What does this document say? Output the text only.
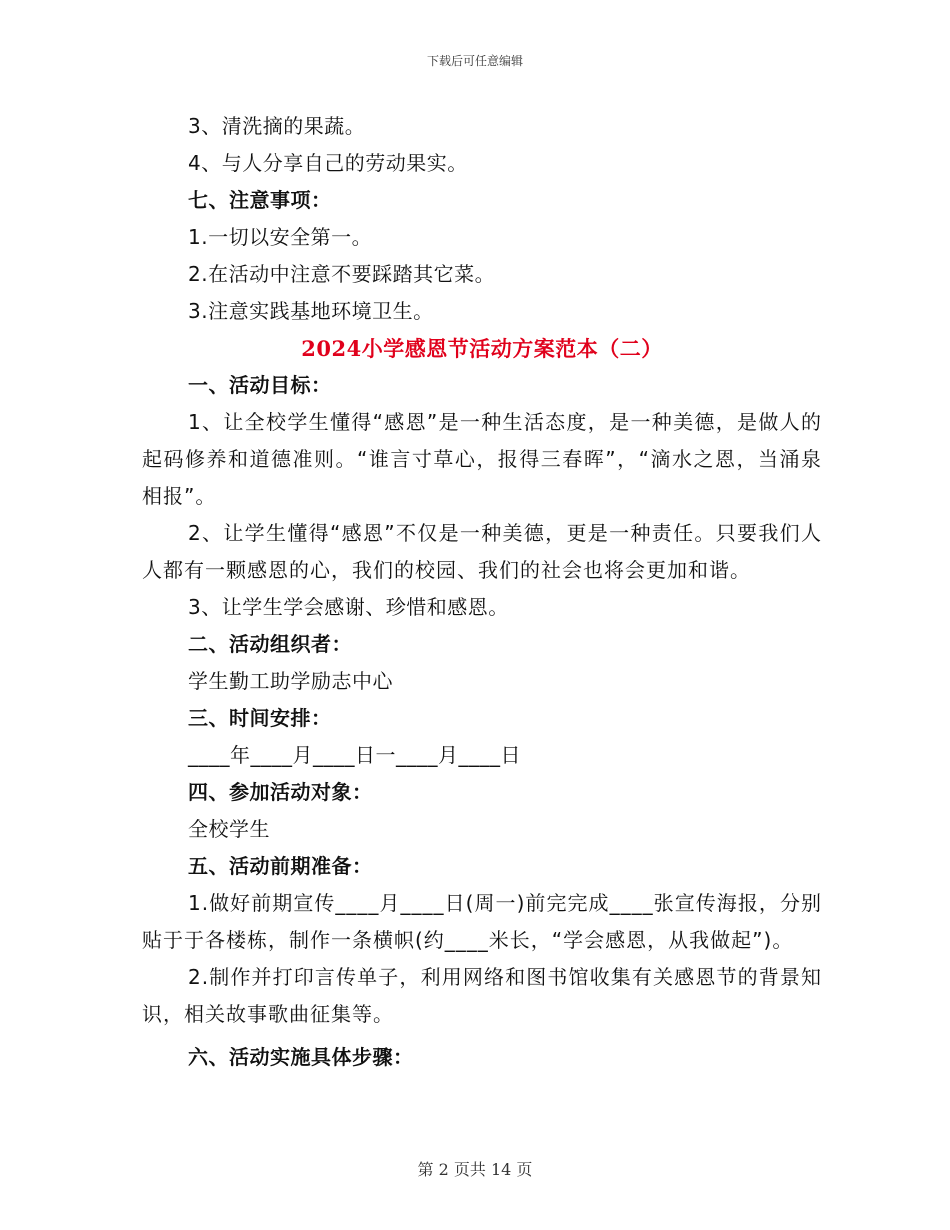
下载后可任意编辑
3、清洗摘的果蔬。
4、与人分享自己的劳动果实。
七、注意事项：
1.一切以安全第一。
2.在活动中注意不要踩踏其它菜。
3.注意实践基地环境卫生。
2024小学感恩节活动方案范本（二）
一、活动目标：

1、让全校学生懂得“感恩”是一种生活态度，是一种美德，是做人的起码修养和道德准则。“谁言寸草心，报得三春晖”，“滴水之恩，当涌泉相报”。

2、让学生懂得“感恩”不仅是一种美德，更是一种责任。只要我们人人都有一颗感恩的心，我们的校园、我们的社会也将会更加和谐。

3、让学生学会感谢、珍惜和感恩。
二、活动组织者：
学生勤工助学励志中心
三、时间安排：
____年____月____日一____月____日
四、参加活动对象：
全校学生
五、活动前期准备：

1.做好前期宣传____月____日(周一)前完完成____张宣传海报，分别贴于于各楼栋，制作一条横帜(约____米长，“学会感恩，从我做起”)。

2.制作并打印言传单子，利用网络和图书馆收集有关感恩节的背景知识，相关故事歌曲征集等。

六、活动实施具体步骤：
第 2 页共 14 页
